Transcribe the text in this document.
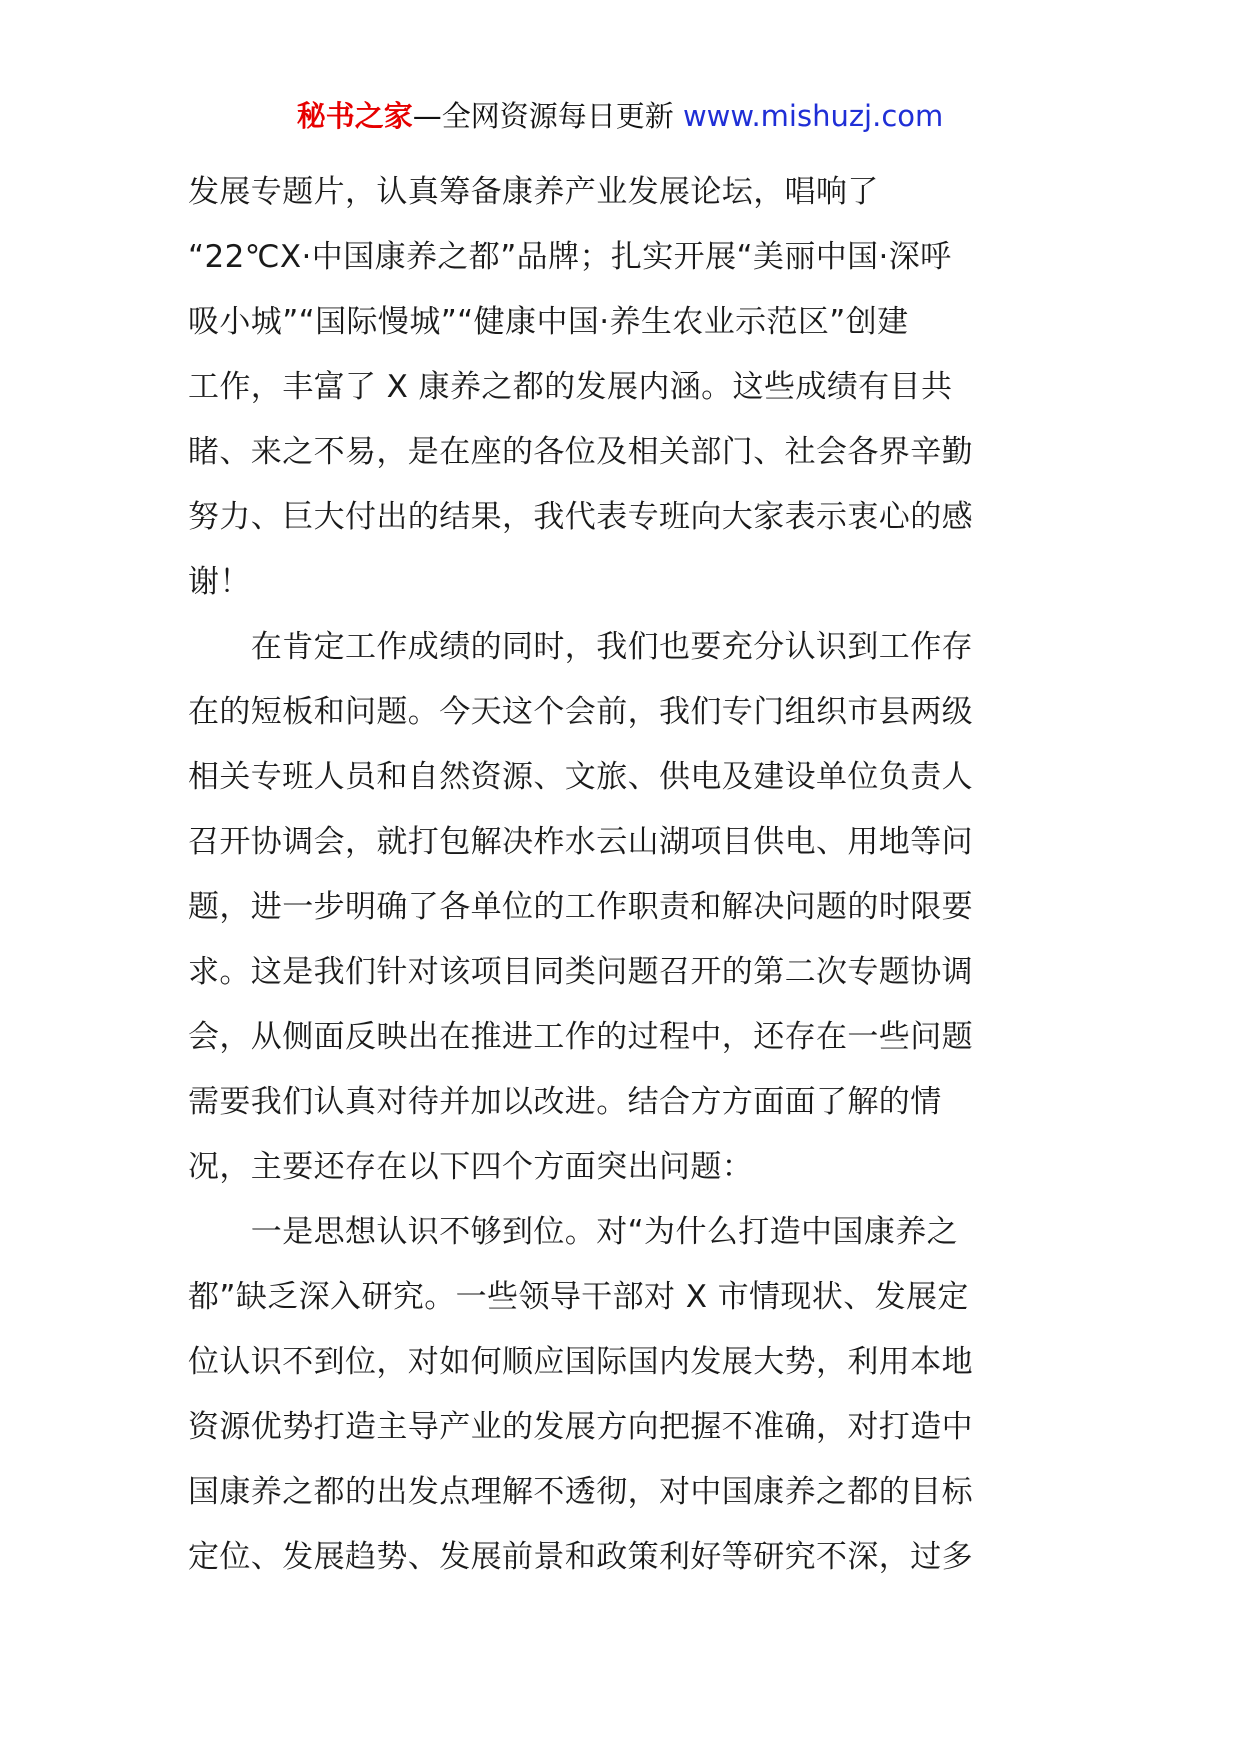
秘书之家—全网资源每日更新 www.mishuzj.com
发展专题片，认真筹备康养产业发展论坛，唱响了
“22℃X·中国康养之都”品牌；扎实开展“美丽中国·深呼
吸小城”“国际慢城”“健康中国·养生农业示范区”创建
工作，丰富了 X 康养之都的发展内涵。这些成绩有目共
睹、来之不易，是在座的各位及相关部门、社会各界辛勤
努力、巨大付出的结果，我代表专班向大家表示衷心的感
谢！
　　在肯定工作成绩的同时，我们也要充分认识到工作存
在的短板和问题。今天这个会前，我们专门组织市县两级
相关专班人员和自然资源、文旅、供电及建设单位负责人
召开协调会，就打包解决柞水云山湖项目供电、用地等问
题，进一步明确了各单位的工作职责和解决问题的时限要
求。这是我们针对该项目同类问题召开的第二次专题协调
会，从侧面反映出在推进工作的过程中，还存在一些问题
需要我们认真对待并加以改进。结合方方面面了解的情
况，主要还存在以下四个方面突出问题：
　　一是思想认识不够到位。对“为什么打造中国康养之
都”缺乏深入研究。一些领导干部对 X 市情现状、发展定
位认识不到位，对如何顺应国际国内发展大势，利用本地
资源优势打造主导产业的发展方向把握不准确，对打造中
国康养之都的出发点理解不透彻，对中国康养之都的目标
定位、发展趋势、发展前景和政策利好等研究不深，过多
